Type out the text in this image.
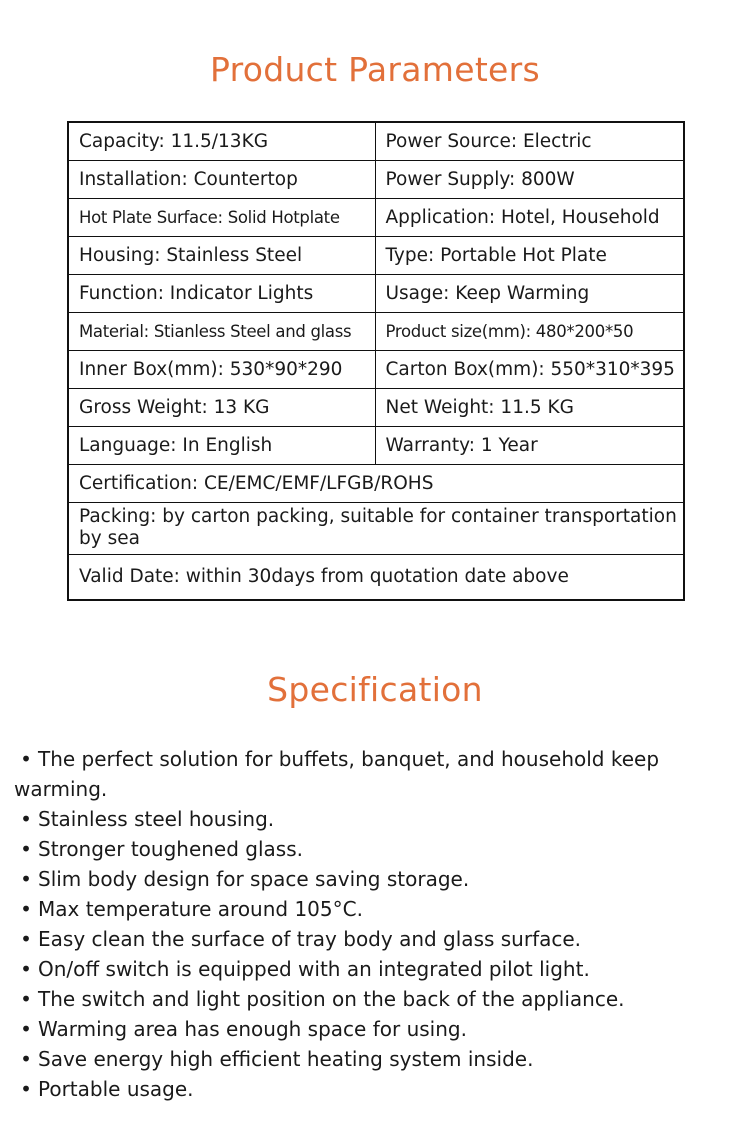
Product Parameters
Capacity: 11.5/13KG	Power Source: Electric
Installation: Countertop	Power Supply: 800W
Hot Plate Surface: Solid Hotplate	Application: Hotel, Household
Housing: Stainless Steel	Type: Portable Hot Plate
Function: Indicator Lights	Usage: Keep Warming
Material: Stianless Steel and glass	Product size(mm): 480*200*50
Inner Box(mm): 530*90*290	Carton Box(mm): 550*310*395
Gross Weight: 13 KG	Net Weight: 11.5 KG
Language: In English	Warranty: 1 Year
Certification: CE/EMC/EMF/LFGB/ROHS	
Packing: by carton packing, suitable for container transportation by sea	
Valid Date: within 30days from quotation date above	
Specification
• The perfect solution for buffets, banquet, and household keep warming.
• Stainless steel housing.
• Stronger toughened glass.
• Slim body design for space saving storage.
• Max temperature around 105°C.
• Easy clean the surface of tray body and glass surface.
• On/off switch is equipped with an integrated pilot light.
• The switch and light position on the back of the appliance.
• Warming area has enough space for using.
• Save energy high efficient heating system inside.
• Portable usage.
